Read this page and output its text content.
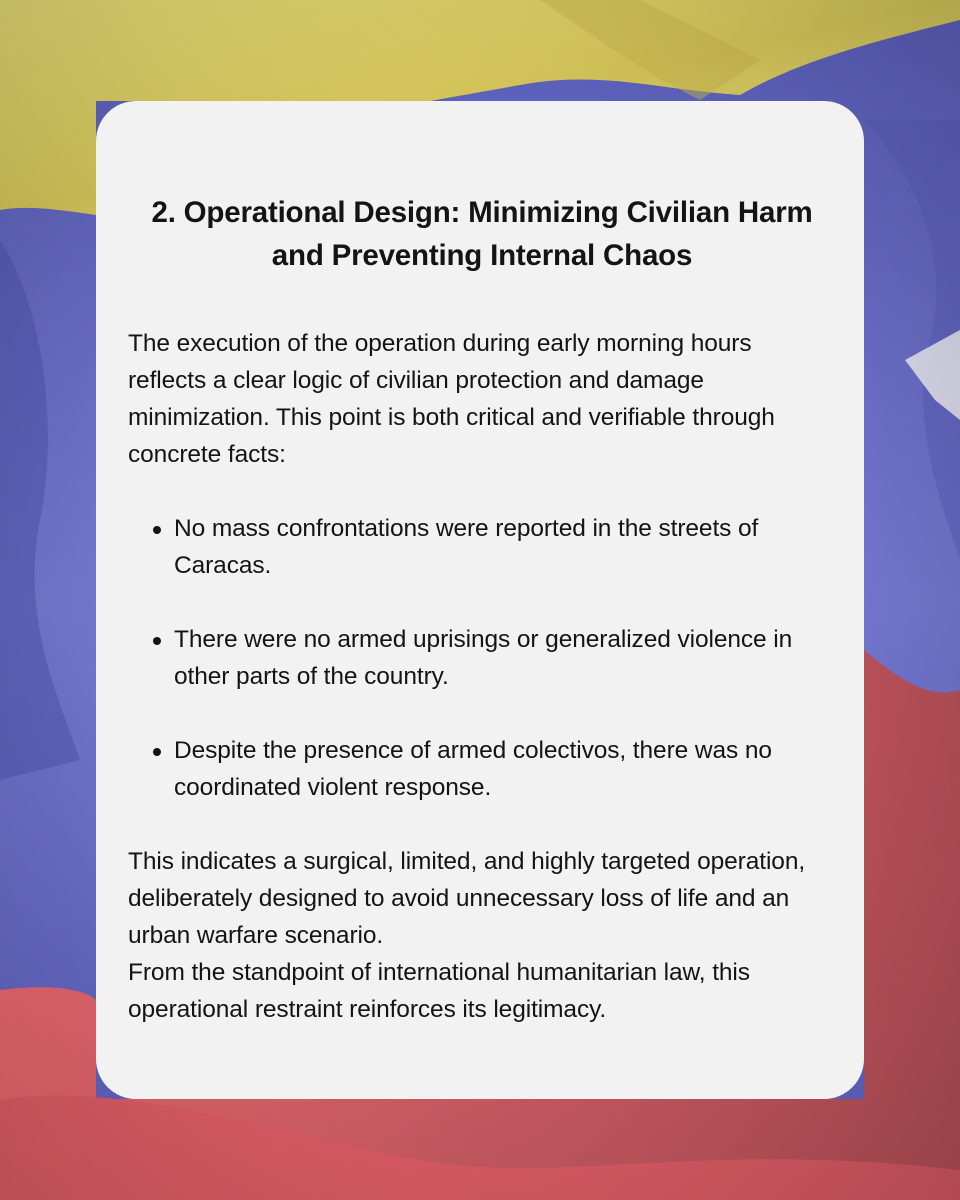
2. Operational Design: Minimizing Civilian Harm and Preventing Internal Chaos

The execution of the operation during early morning hours reflects a clear logic of civilian protection and damage minimization. This point is both critical and verifiable through concrete facts:

No mass confrontations were reported in the streets of Caracas.
There were no armed uprisings or generalized violence in other parts of the country.
Despite the presence of armed colectivos, there was no coordinated violent response.

This indicates a surgical, limited, and highly targeted operation, deliberately designed to avoid unnecessary loss of life and an urban warfare scenario.

From the standpoint of international humanitarian law, this operational restraint reinforces its legitimacy.
